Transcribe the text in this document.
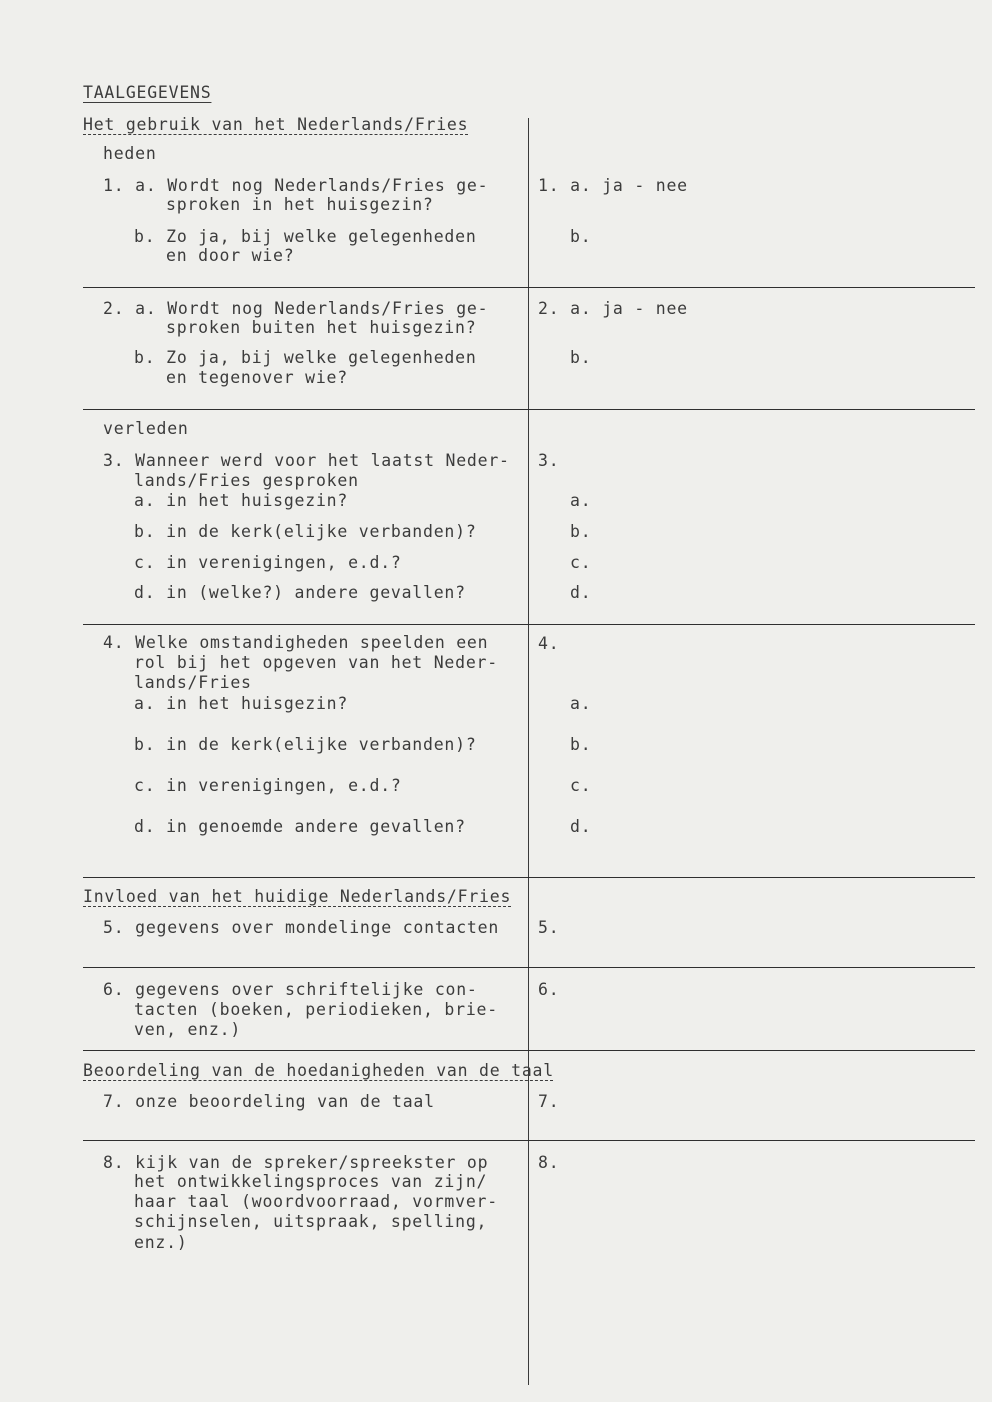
TAALGEGEVENS
Het gebruik van het Nederlands/Fries
heden
1. a. Wordt nog Nederlands/Fries ge-
sproken in het huisgezin?
b. Zo ja, bij welke gelegenheden
en door wie?
1. a. ja - nee
b.
2. a. Wordt nog Nederlands/Fries ge-
sproken buiten het huisgezin?
b. Zo ja, bij welke gelegenheden
en tegenover wie?
2. a. ja - nee
b.
verleden
3. Wanneer werd voor het laatst Neder-
lands/Fries gesproken
a. in het huisgezin?
b. in de kerk(elijke verbanden)?
c. in verenigingen, e.d.?
d. in (welke?) andere gevallen?
3.
a.
b.
c.
d.
4. Welke omstandigheden speelden een
rol bij het opgeven van het Neder-
lands/Fries
a. in het huisgezin?
b. in de kerk(elijke verbanden)?
c. in verenigingen, e.d.?
d. in genoemde andere gevallen?
4.
a.
b.
c.
d.
Invloed van het huidige Nederlands/Fries
5. gegevens over mondelinge contacten 5.
6. gegevens over schriftelijke con-
tacten (boeken, periodieken, brie-
ven, enz.)
6.
Beoordeling van de hoedanigheden van de taal
7. onze beoordeling van de taal	7.
8. kijk van de spreker/spreekster op
het ontwikkelingsproces van zijn/
haar taal (woordvoorraad, vormver-
schijnselen, uitspraak, spelling,
enz.)
8.
